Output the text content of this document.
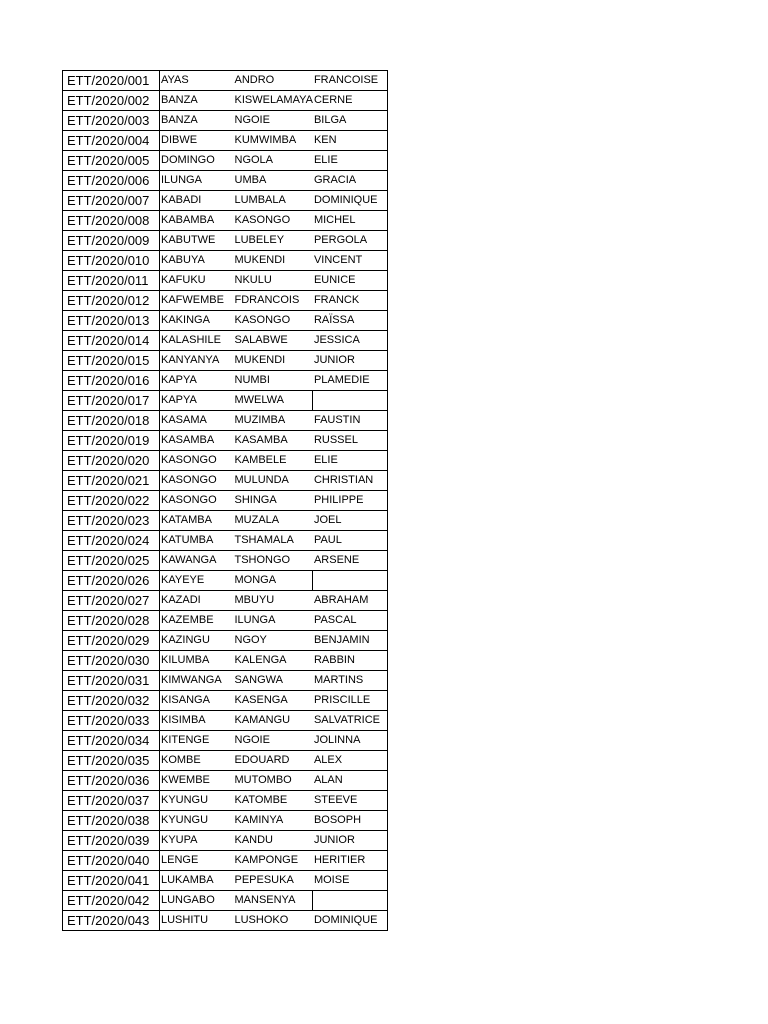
ETT/2020/001	AYAS	ANDRO	FRANCOISE
ETT/2020/002	BANZA	KISWELAMAYA	CERNE
ETT/2020/003	BANZA	NGOIE	BILGA
ETT/2020/004	DIBWE	KUMWIMBA	KEN
ETT/2020/005	DOMINGO	NGOLA	ELIE
ETT/2020/006	ILUNGA	UMBA	GRACIA
ETT/2020/007	KABADI	LUMBALA	DOMINIQUE
ETT/2020/008	KABAMBA	KASONGO	MICHEL
ETT/2020/009	KABUTWE	LUBELEY	PERGOLA
ETT/2020/010	KABUYA	MUKENDI	VINCENT
ETT/2020/011	KAFUKU	NKULU	EUNICE
ETT/2020/012	KAFWEMBE	FDRANCOIS	FRANCK
ETT/2020/013	KAKINGA	KASONGO	RAÏSSA
ETT/2020/014	KALASHILE	SALABWE	JESSICA
ETT/2020/015	KANYANYA	MUKENDI	JUNIOR
ETT/2020/016	KAPYA	NUMBI	PLAMEDIE
ETT/2020/017	KAPYA	MWELWA	
ETT/2020/018	KASAMA	MUZIMBA	FAUSTIN
ETT/2020/019	KASAMBA	KASAMBA	RUSSEL
ETT/2020/020	KASONGO	KAMBELE	ELIE
ETT/2020/021	KASONGO	MULUNDA	CHRISTIAN
ETT/2020/022	KASONGO	SHINGA	PHILIPPE
ETT/2020/023	KATAMBA	MUZALA	JOEL
ETT/2020/024	KATUMBA	TSHAMALA	PAUL
ETT/2020/025	KAWANGA	TSHONGO	ARSENE
ETT/2020/026	KAYEYE	MONGA	
ETT/2020/027	KAZADI	MBUYU	ABRAHAM
ETT/2020/028	KAZEMBE	ILUNGA	PASCAL
ETT/2020/029	KAZINGU	NGOY	BENJAMIN
ETT/2020/030	KILUMBA	KALENGA	RABBIN
ETT/2020/031	KIMWANGA	SANGWA	MARTINS
ETT/2020/032	KISANGA	KASENGA	PRISCILLE
ETT/2020/033	KISIMBA	KAMANGU	SALVATRICE
ETT/2020/034	KITENGE	NGOIE	JOLINNA
ETT/2020/035	KOMBE	EDOUARD	ALEX
ETT/2020/036	KWEMBE	MUTOMBO	ALAN
ETT/2020/037	KYUNGU	KATOMBE	STEEVE
ETT/2020/038	KYUNGU	KAMINYA	BOSOPH
ETT/2020/039	KYUPA	KANDU	JUNIOR
ETT/2020/040	LENGE	KAMPONGE	HERITIER
ETT/2020/041	LUKAMBA	PEPESUKA	MOISE
ETT/2020/042	LUNGABO	MANSENYA	
ETT/2020/043	LUSHITU	LUSHOKO	DOMINIQUE
